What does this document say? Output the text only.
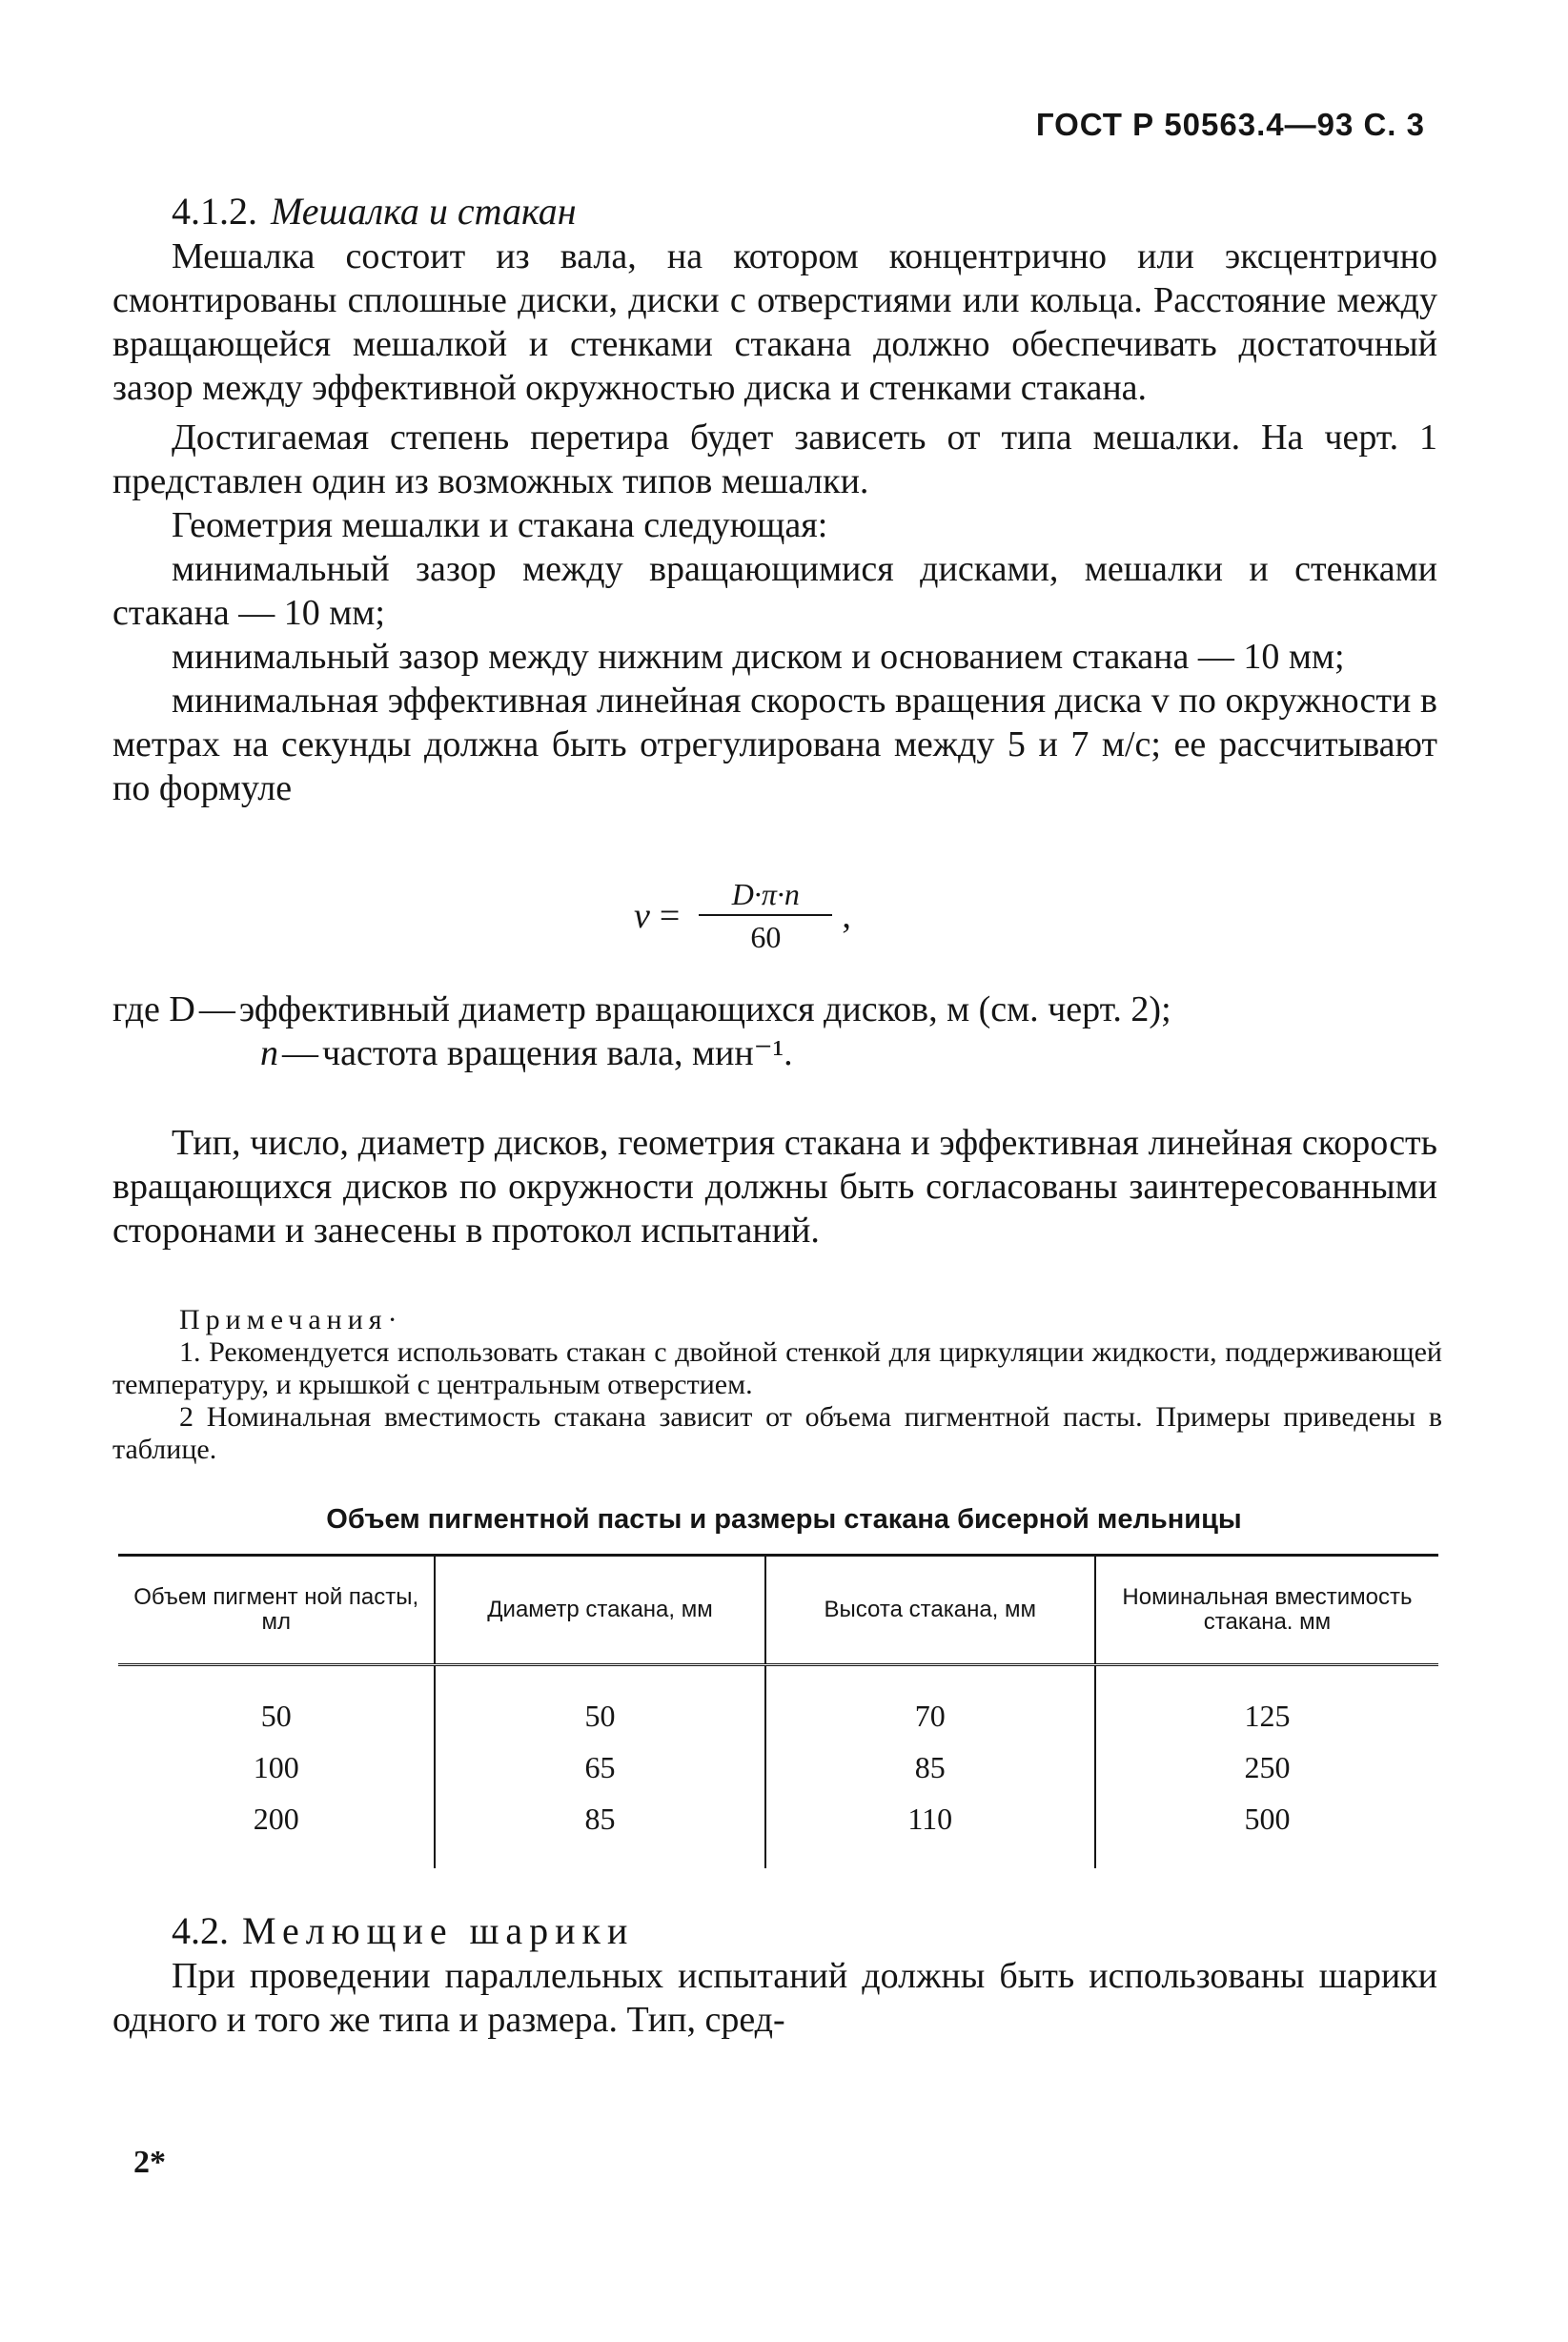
ГОСТ Р 50563.4—93 С. 3
4.1.2. Мешалка и стакан

Мешалка состоит из вала, на котором концентрично или эксцентрично смонтированы сплошные диски, диски с отверстиями или кольца. Расстояние между вращающейся мешалкой и стенками стакана должно обеспечивать достаточный зазор между эффективной окружностью диска и стенками стакана.

Достигаемая степень перетира будет зависеть от типа мешалки. На черт. 1 представлен один из возможных типов мешалки.

Геометрия мешалки и стакана следующая:

минимальный зазор между вращающимися дисками, мешалки и стенками стакана — 10 мм;

минимальный зазор между нижним диском и основанием стакана — 10 мм;

минимальная эффективная линейная скорость вращения диска v по окружности в метрах на секунды должна быть отрегулирована между 5 и 7 м/с; ее рассчитывают по формуле

$v = \frac{D\cdot\pi\cdot n}{60}$ ,
где D — эффективный диаметр вращающихся дисков, м (см. черт. 2);
n — частота вращения вала, мин⁻¹.

Тип, число, диаметр дисков, геометрия стакана и эффективная линейная скорость вращающихся дисков по окружности должны быть согласованы заинтересованными сторонами и занесены в протокол испытаний.

Примечания·

1. Рекомендуется использовать стакан с двойной стенкой для циркуляции жидкости, поддерживающей температуру, и крышкой с центральным отверстием.

2 Номинальная вместимость стакана зависит от объема пигментной пасты. Примеры приведены в таблице.

Объем пигментной пасты и размеры стакана бисерной мельницы
Объем пигмент ной пасты, мл	Диаметр стакана, мм	Высота стакана, мм	Номинальная вместимость стакана. мм
50	50	70	125
100	65	85	250
200	85	110	500
4.2. Мелющие шарики

При проведении параллельных испытаний должны быть использованы шарики одного и того же типа и размера. Тип, сред-

2*
